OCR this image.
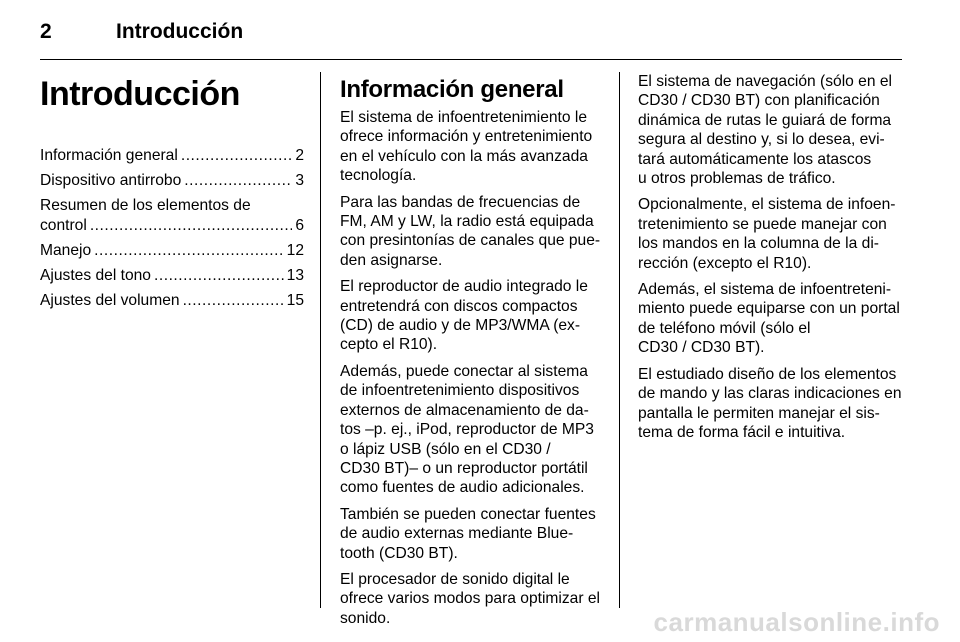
2	Introducción
Introducción
Información general . . .	2
Dispositivo antirrobo . . .	3
Resumen de los elementos de
control . . .	6
Manejo . . .	12
Ajustes del tono . . .	13
Ajustes del volumen . . .	15
Información general

El sistema de infoentretenimiento le
ofrece información y entretenimiento
en el vehículo con la más avanzada
tecnología.

Para las bandas de frecuencias de
FM, AM y LW, la radio está equipada
con presintonías de canales que pue-
den asignarse.

El reproductor de audio integrado le
entretendrá con discos compactos
(CD) de audio y de MP3/WMA (ex-
cepto el R10).

Además, puede conectar al sistema
de infoentretenimiento dispositivos
externos de almacenamiento de da-
tos –p. ej., iPod, reproductor de MP3
o lápiz USB (sólo en el CD30 /
CD30 BT)– o un reproductor portátil
como fuentes de audio adicionales.

También se pueden conectar fuentes
de audio externas mediante Blue-
tooth (CD30 BT).

El procesador de sonido digital le
ofrece varios modos para optimizar el
sonido.

El sistema de navegación (sólo en el
CD30 / CD30 BT) con planificación
dinámica de rutas le guiará de forma
segura al destino y, si lo desea, evi-
tará automáticamente los atascos
u otros problemas de tráfico.

Opcionalmente, el sistema de infoen-
tretenimiento se puede manejar con
los mandos en la columna de la di-
rección (excepto el R10).

Además, el sistema de infoentreteni-
miento puede equiparse con un portal
de teléfono móvil (sólo el
CD30 / CD30 BT).

El estudiado diseño de los elementos
de mando y las claras indicaciones en
pantalla le permiten manejar el sis-
tema de forma fácil e intuitiva.

carmanualsonline.info
